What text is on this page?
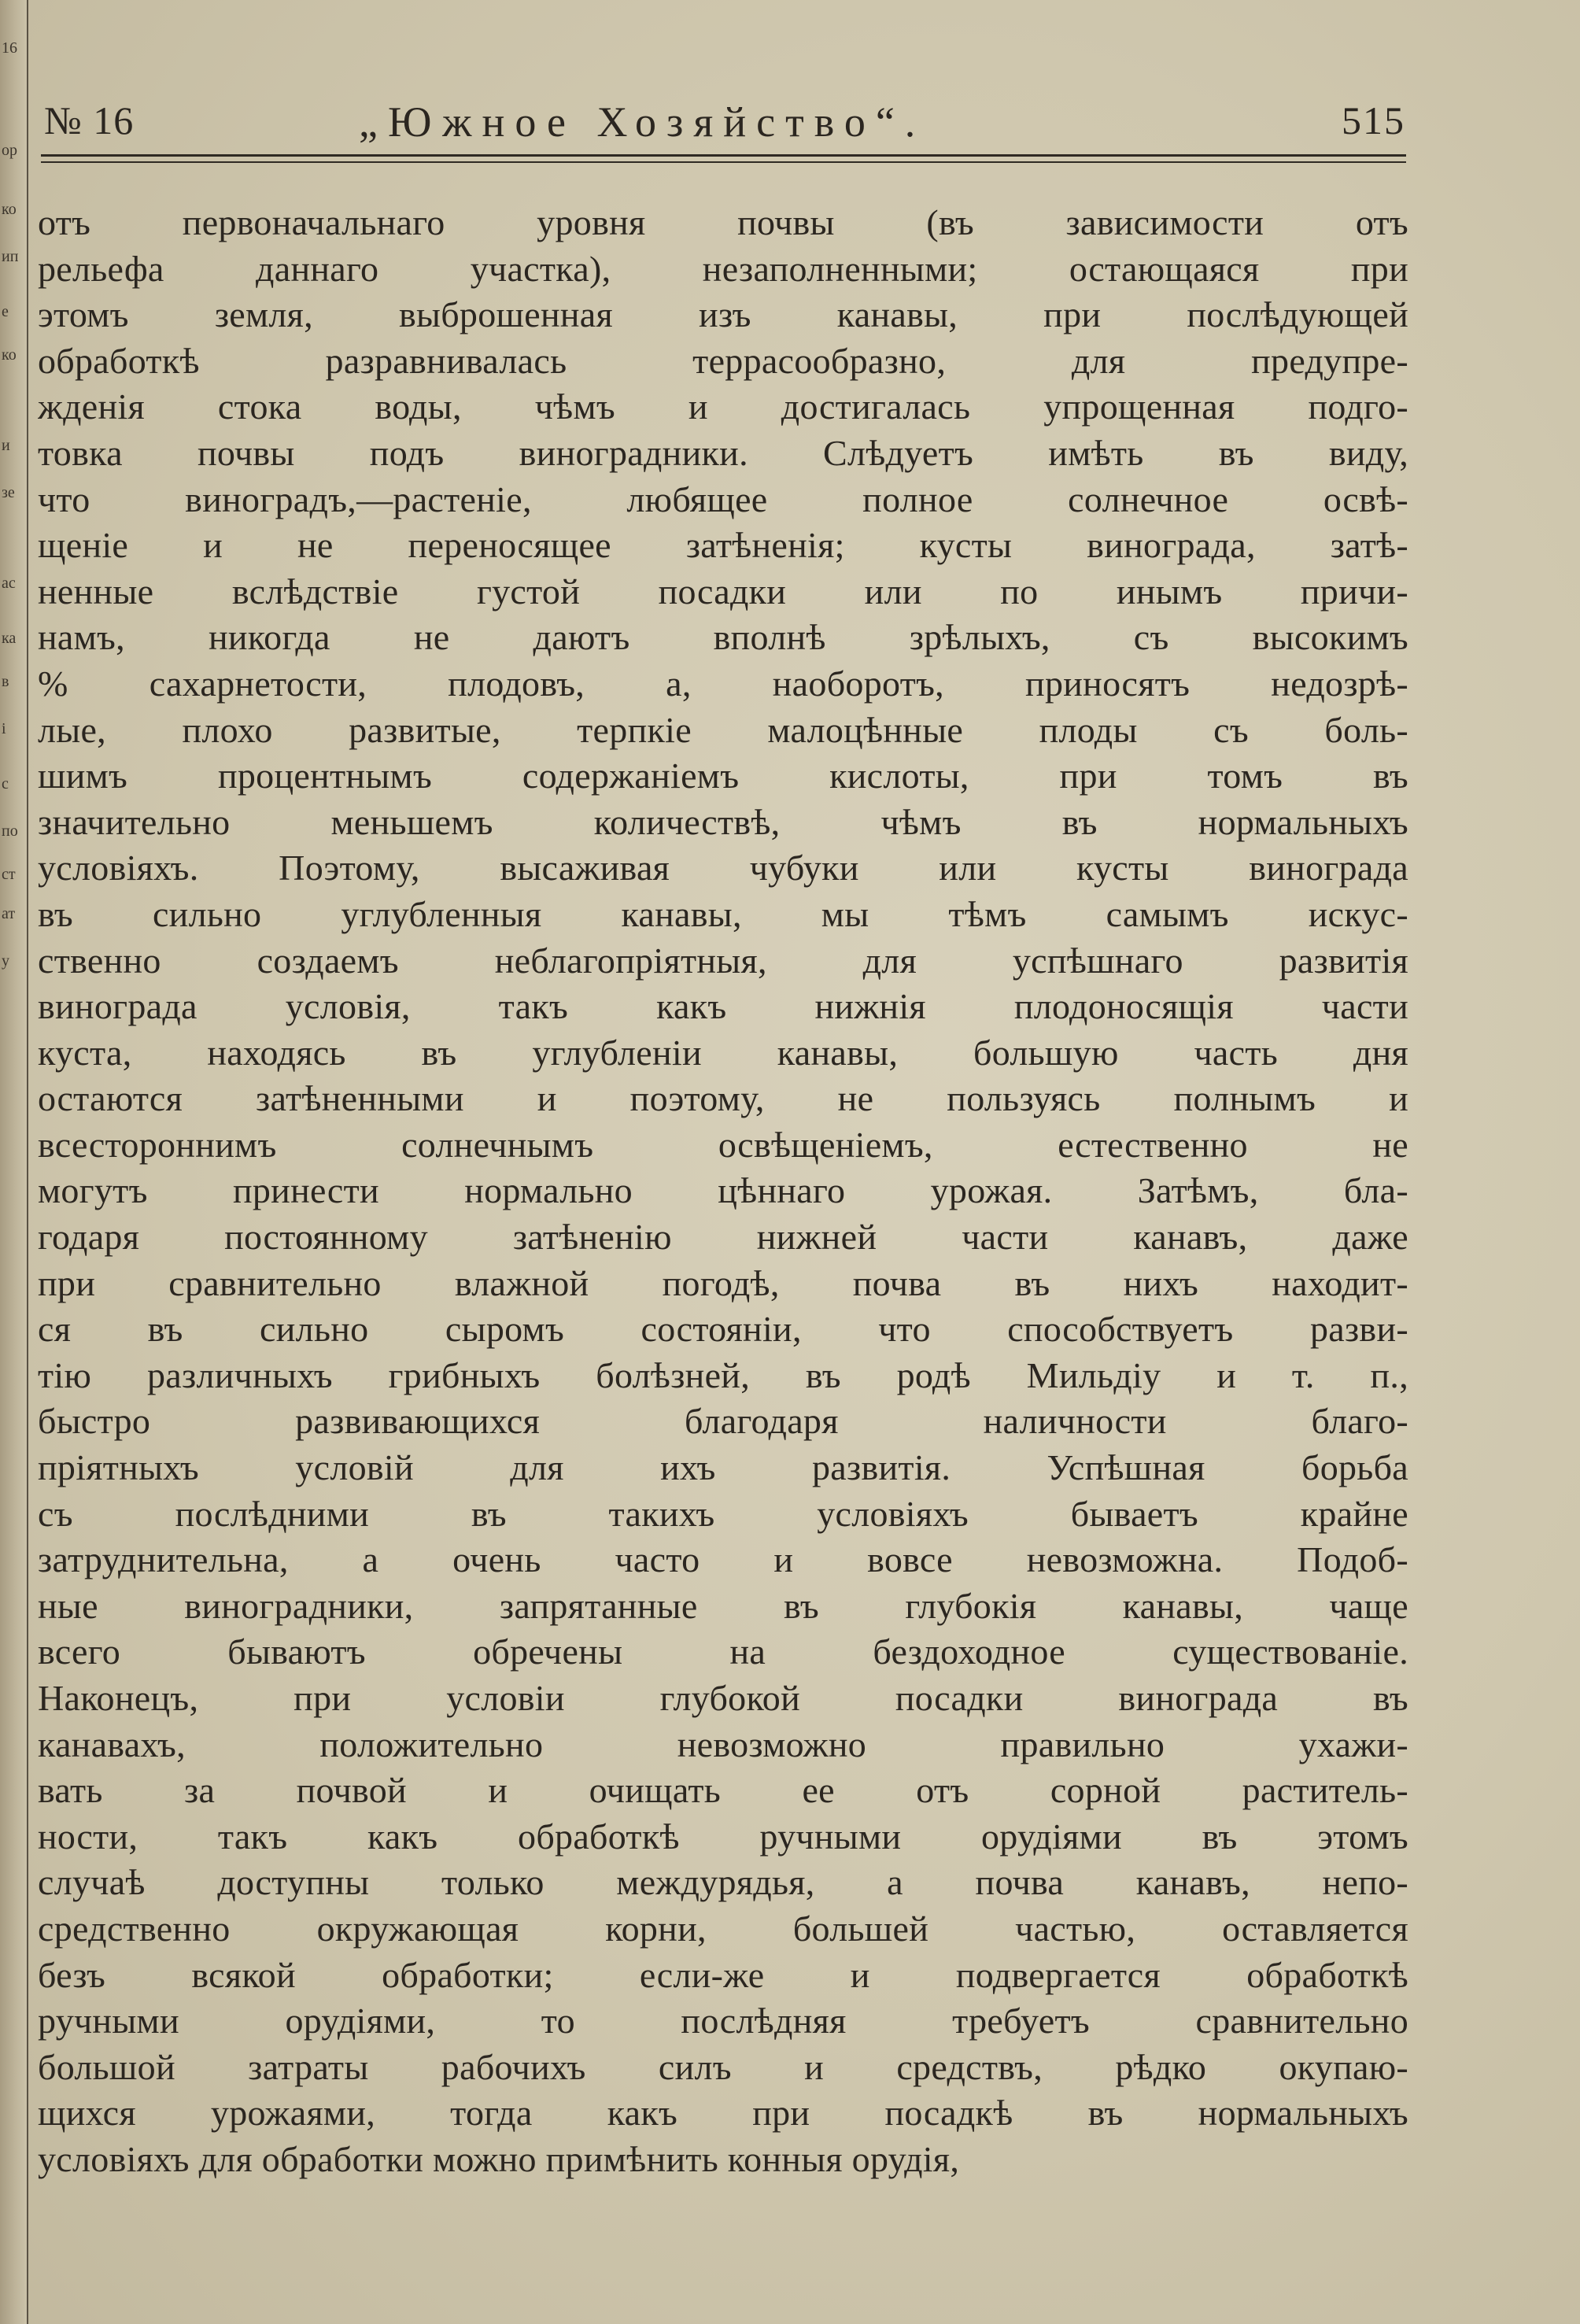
16
ор
ко
ип
е
ко
и
зе
ас
ка
в
і
с
по
ст
ат
у
№ 16	„Южное Хозяйство“.	515
отъ первоначальнаго уровня почвы (въ зависимости отъ
рельефа даннаго участка), незаполненными; остающаяся при
этомъ земля, выброшенная изъ канавы, при послѣдующей
обработкѣ разравнивалась террасообразно, для предупре-
жденія стока воды, чѣмъ и достигалась упрощенная подго-
товка почвы подъ виноградники. Слѣдуетъ имѣть въ виду,
что виноградъ,—растеніе, любящее полное солнечное освѣ-
щеніе и не переносящее затѣненія; кусты винограда, затѣ-
ненные вслѣдствіе густой посадки или по инымъ причи-
намъ, никогда не даютъ вполнѣ зрѣлыхъ, съ высокимъ
% сахарнетости, плодовъ, а, наоборотъ, приносятъ недозрѣ-
лые, плохо развитые, терпкіе малоцѣнные плоды съ боль-
шимъ процентнымъ содержаніемъ кислоты, при томъ въ
значительно меньшемъ количествѣ, чѣмъ въ нормальныхъ
условіяхъ. Поэтому, высаживая чубуки или кусты винограда
въ сильно углубленныя канавы, мы тѣмъ самымъ искус-
ственно создаемъ неблагопріятныя, для успѣшнаго развитія
винограда условія, такъ какъ нижнія плодоносящія части
куста, находясь въ углубленіи канавы, большую часть дня
остаются затѣненными и поэтому, не пользуясь полнымъ и
всестороннимъ солнечнымъ освѣщеніемъ, естественно не
могутъ принести нормально цѣннаго урожая. Затѣмъ, бла-
годаря постоянному затѣненію нижней части канавъ, даже
при сравнительно влажной погодѣ, почва въ нихъ находит-
ся въ сильно сыромъ состояніи, что способствуетъ разви-
тію различныхъ грибныхъ болѣзней, въ родѣ Мильдіу и т. п.,
быстро развивающихся благодаря наличности благо-
пріятныхъ условій для ихъ развитія. Успѣшная борьба
съ послѣдними въ такихъ условіяхъ бываетъ крайне
затруднительна, а очень часто и вовсе невозможна. Подоб-
ные виноградники, запрятанные въ глубокія канавы, чаще
всего бываютъ обречены на бездоходное существованіе.
Наконецъ, при условіи глубокой посадки винограда въ
канавахъ, положительно невозможно правильно ухажи-
вать за почвой и очищать ее отъ сорной раститель-
ности, такъ какъ обработкѣ ручными орудіями въ этомъ
случаѣ доступны только междурядья, а почва канавъ, непо-
средственно окружающая корни, большей частью, оставляется
безъ всякой обработки; если-же и подвергается обработкѣ
ручными орудіями, то послѣдняя требуетъ сравнительно
большой затраты рабочихъ силъ и средствъ, рѣдко окупаю-
щихся урожаями, тогда какъ при посадкѣ въ нормальныхъ
условіяхъ для обработки можно примѣнить конныя орудія,
